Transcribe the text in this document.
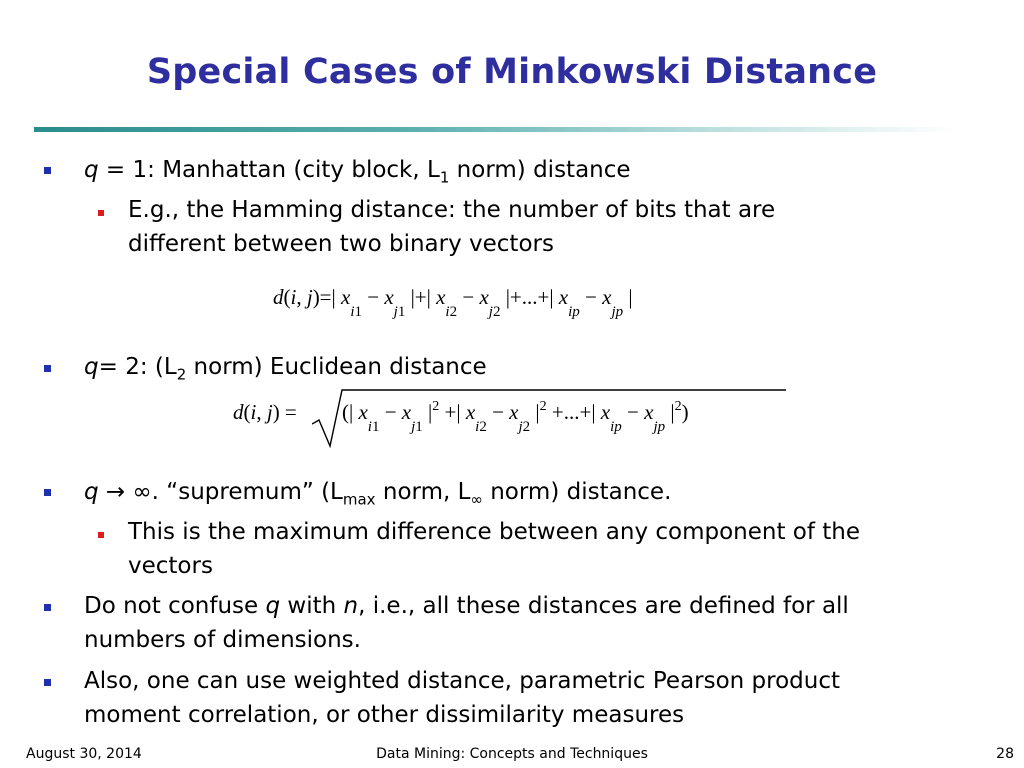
Special Cases of Minkowski Distance
q = 1: Manhattan (city block, $L_1$ norm) distance
E.g., the Hamming distance: the number of bits that are
different between two binary vectors
d(i, j)=| $x_{i1} - x_{j1}$ |+| $x_{i2} - x_{j2}$ |+...+| $x_{ip} - x_{jp}$ |
q= 2: ($L_2$ norm) Euclidean distance
d(i, j) = (| $x_{i1} - x_{j1}$ $|^2$ +| $x_{i2} - x_{j2}$ $|^2$ +...+| $x_{ip} - x_{jp}$ $|^2$)
q → ∞. “supremum” ($L_{max}$ norm, $L_\infty$ norm) distance.
This is the maximum difference between any component of the
vectors
Do not confuse q with n, i.e., all these distances are defined for all
numbers of dimensions.
Also, one can use weighted distance, parametric Pearson product
moment correlation, or other dissimilarity measures
August 30, 2014	Data Mining: Concepts and Techniques	28
